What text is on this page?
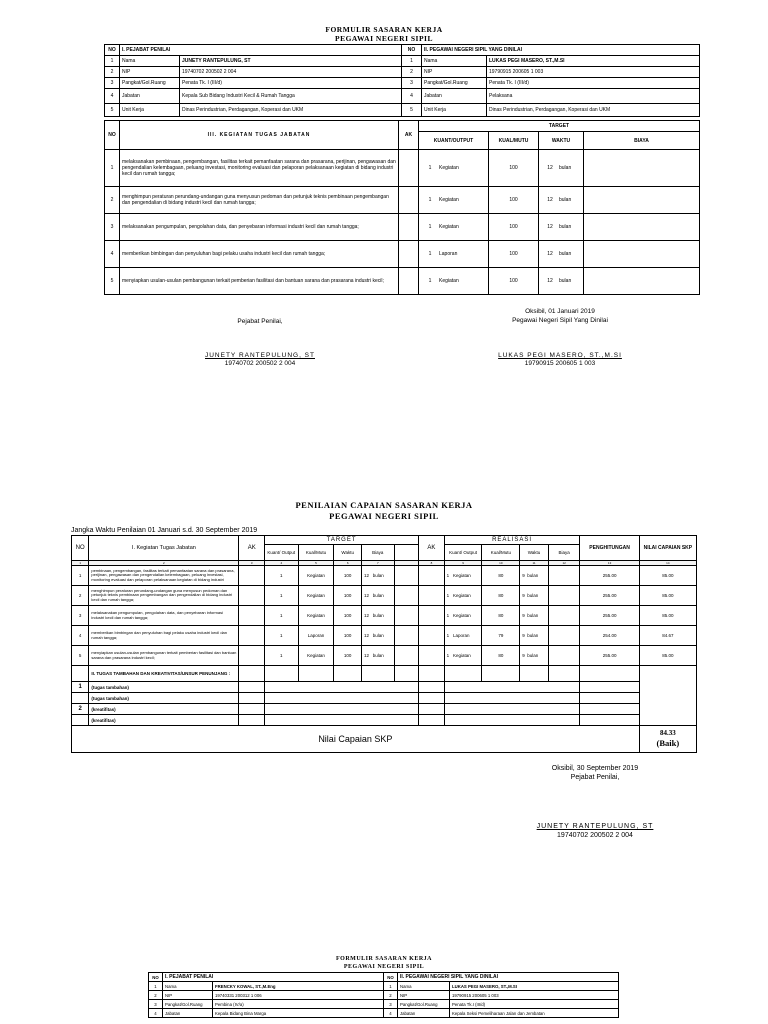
FORMULIR SASARAN KERJA
PEGAWAI NEGERI SIPIL
NO	I. PEJABAT PENILAI		NO	II. PEGAWAI NEGERI SIPIL YANG DINILAI	
1	Nama	JUNETY RANTEPULUNG, ST	1	Nama	LUKAS PEGI MASERO, ST.,M.SI
2	NIP	19740702 200502 2 004	2	NIP	19790915 200605 1 003
3	Pangkat/Gol.Ruang	Penata Tk. I (III/d)	3	Pangkat/Gol.Ruang	Penata Tk. I (III/d)
4	Jabatan	Kepala Sub Bidang Industri Kecil & Rumah Tangga	4	Jabatan	Pelaksana
5	Unit Kerja	Dinas Perindustrian, Perdagangan, Koperasi dan UKM	5	Unit Kerja	Dinas Perindustrian, Perdagangan, Koperasi dan UKM
NO	III. KEGIATAN TUGAS JABATAN	AK	TARGET			
			KUANT/OUTPUT	KUAL/MUTU	WAKTU	BIAYA
1	melaksanakan pembinaan, pengembangan, fasilitas terkait pemanfaatan sarana dan prasarana, perijinan, pengawasan dan pengendalian kelembagaan, peluang investasi, monitoring evaluasi dan pelaporan pelaksanaan kegiatan di bidang industri kecil dan rumah tangga;		1 Kegiatan	100	12 bulan	
2	menghimpun peraturan perundang-undangan guna menyusun pedoman dan petunjuk teknis pembinaan pengembangan dan pengendalian di bidang industri kecil dan rumah tangga;		1 Kegiatan	100	12 bulan	
3	melaksanakan pengumpulan, pengolahan data, dan penyebaran informasi industri kecil dan rumah tangga;		1 Kegiatan	100	12 bulan	
4	memberikan bimbingan dan penyuluhan bagi pelaku usaha industri kecil dan rumah tangga;		1 Laporan	100	12 bulan	
5	menyiapkan usulan-usulan pembangunan terkait pemberian fasilitasi dan bantuan sarana dan prasarana industri kecil;		1 Kegiatan	100	12 bulan	
Oksibil, 01 Januari 2019
Pegawai Negeri Sipil Yang Dinilai
Pejabat Penilai,
JUNETY RANTEPULUNG, ST
19740702 200502 2 004
LUKAS PEGI MASERO, ST.,M.SI
19790915 200605 1 003
PENILAIAN CAPAIAN SASARAN KERJA
PEGAWAI NEGERI SIPIL
Jangka Waktu Penilaian 01 Januari s.d. 30 September 2019
NO	I. Kegiatan Tugas Jabatan	AK	TARGET					AK	REALISASI				PENGHITUNGAN	NILAI CAPAIAN SKP
			Kuant/ Output	Kual/Mutu	Waktu	Biaya			Kuant/ Output	Kual/Mutu	Waktu	Biaya		
1	2	3	4	5	6	7		8	9	10	11	12	13	14
1	pembinaan, pengembangan, fasilitas terkait pemanfaatan sarana dan prasarana, perijinan, pengawasan dan pengendalian kelembagaan, peluang investasi, monitoring evaluasi dan pelaporan pelaksanaan kegiatan di bidang industri		1	Kegiatan	100	12 bulan			1 Kegiatan	80	9 bulan		255.00	85.00
2	menghimpun peraturan perundang-undangan guna menyusun pedoman dan petunjuk teknis pembinaan pengembangan dan pengendalian di bidang industri kecil dan rumah tangga;		1	Kegiatan	100	12 bulan			1 Kegiatan	80	9 bulan		255.00	85.00
3	melaksanakan pengumpulan, pengolahan data, dan penyebaran informasi industri kecil dan rumah tangga;		1	Kegiatan	100	12 bulan			1 Kegiatan	80	9 bulan		255.00	85.00
4	memberikan bimbingan dan penyuluhan bagi pelaku usaha industri kecil dan rumah tangga;		1	Laporan	100	12 bulan			1 Laporan	79	9 bulan		254.00	84.67
5	menyiapkan usulan-usulan pembangunan terkait pemberian fasilitasi dan bantuan sarana dan prasarana industri kecil;		1	Kegiatan	100	12 bulan			1 Kegiatan	80	9 bulan		255.00	85.00
	II. TUGAS TAMBAHAN DAN KREATIVITAS/UNSUR PENUNJANG :													
1	(tugas tambahan)													
	(tugas tambahan)													
2	(kreatifitas)													
	(kreatifitas)													
Nilai Capaian SKP														84.33
(Baik)
Oksibil, 30 September 2019
Pejabat Penilai,
JUNETY RANTEPULUNG, ST
19740702 200502 2 004
FORMULIR SASARAN KERJA
PEGAWAI NEGERI SIPIL
NO	I. PEJABAT PENILAI		NO	II. PEGAWAI NEGERI SIPIL YANG DINILAI	
1	Nama	FRENCKY KOWAL, ST.,M.Eng	1	Nama	LUKAS PEGI MASERO, ST.,M.SI
2	NIP	19740331 200312 1 006	2	NIP	19790915 200605 1 003
3	Pangkat/Gol.Ruang	Pembina (IV/a)	3	Pangkat/Gol.Ruang	Penata Tk.I (III/d)
4	Jabatan	Kepala Bidang Bina Marga	4	Jabatan	Kepala Seksi Pemeliharaan Jalan dan Jembatan
